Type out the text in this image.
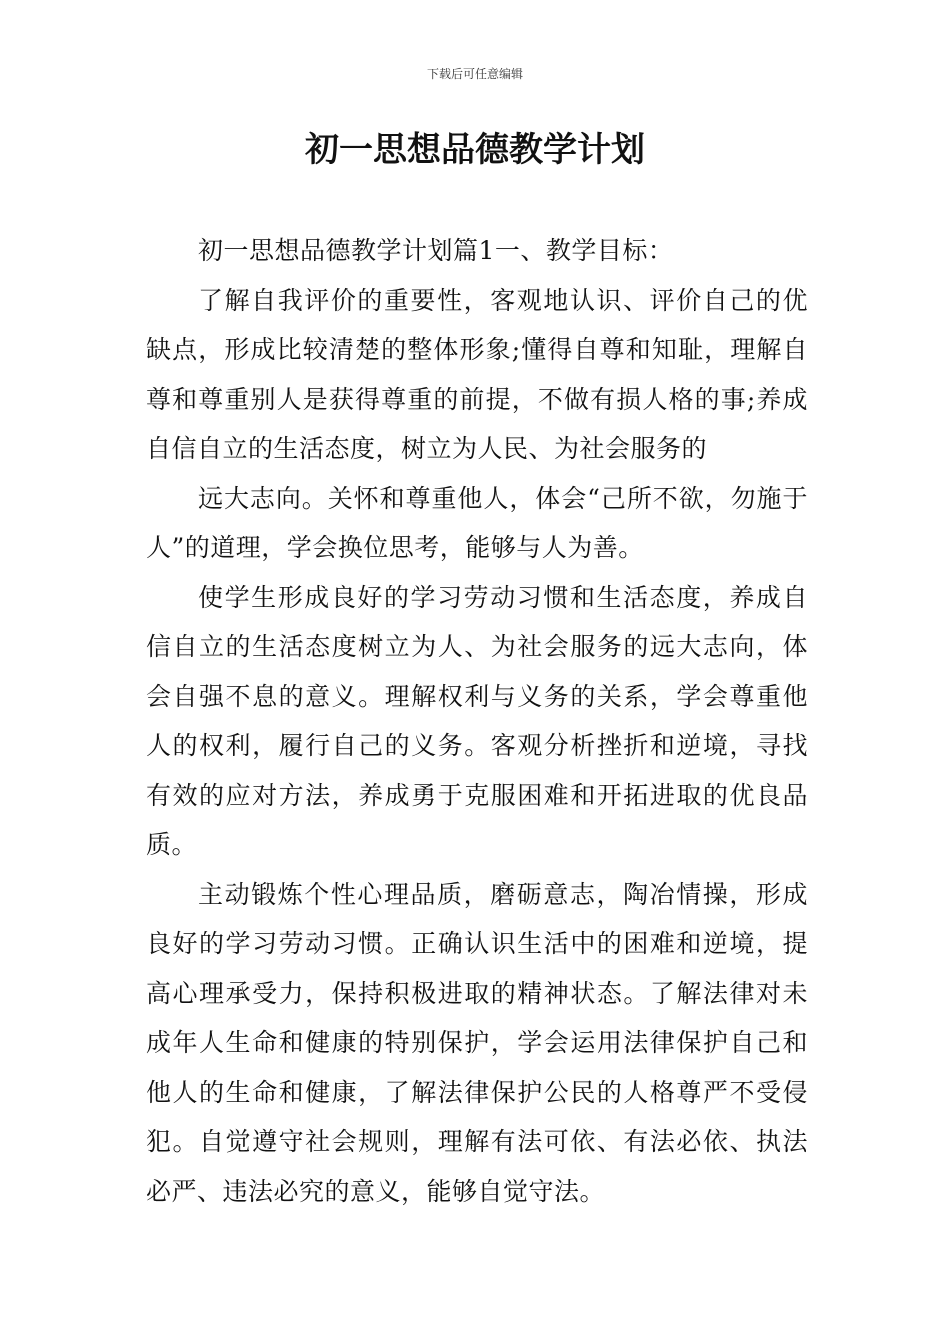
下载后可任意编辑
初一思想品德教学计划

初一思想品德教学计划篇1一、教学目标：

了解自我评价的重要性，客观地认识、评价自己的优缺点，形成比较清楚的整体形象;懂得自尊和知耻，理解自尊和尊重别人是获得尊重的前提，不做有损人格的事;养成自信自立的生活态度，树立为人民、为社会服务的

远大志向。关怀和尊重他人，体会“己所不欲，勿施于人”的道理，学会换位思考，能够与人为善。

使学生形成良好的学习劳动习惯和生活态度，养成自信自立的生活态度树立为人、为社会服务的远大志向，体会自强不息的意义。理解权利与义务的关系，学会尊重他人的权利，履行自己的义务。客观分析挫折和逆境，寻找有效的应对方法，养成勇于克服困难和开拓进取的优良品质。

主动锻炼个性心理品质，磨砺意志，陶冶情操，形成良好的学习劳动习惯。正确认识生活中的困难和逆境，提高心理承受力，保持积极进取的精神状态。了解法律对未成年人生命和健康的特别保护，学会运用法律保护自己和他人的生命和健康，了解法律保护公民的人格尊严不受侵犯。自觉遵守社会规则，理解有法可依、有法必依、执法必严、违法必究的意义，能够自觉守法。
